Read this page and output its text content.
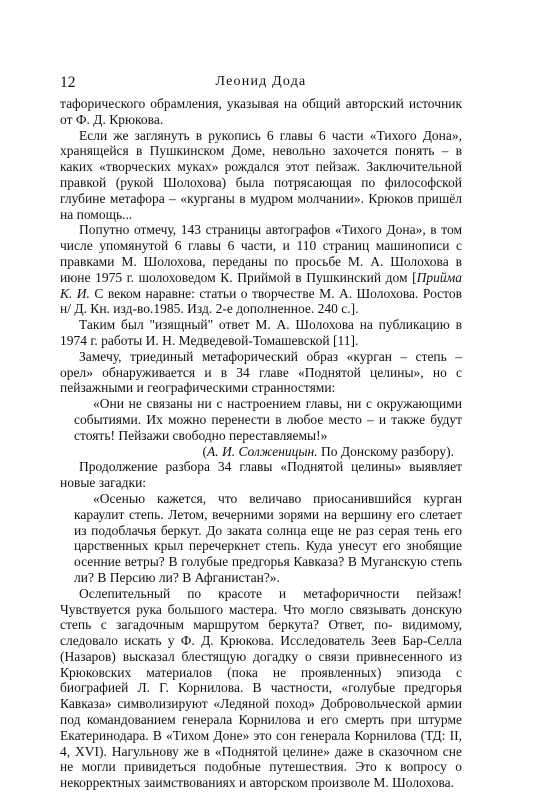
12	Леонид Дода

тафорического обрамления, указывая на общий авторский источник от Ф. Д. Крюкова.

Если же заглянуть в рукопись 6 главы 6 части «Тихого Дона», хранящейся в Пушкинском Доме, невольно захочется понять – в каких «творческих муках» рождался этот пейзаж. Заключительной правкой (рукой Шолохова) была потрясающая по философской глубине метафора – «курганы в мудром молчании». Крюков пришёл на помощь...

Попутно отмечу, 143 страницы автографов «Тихого Дона», в том числе упомянутой 6 главы 6 части, и 110 страниц машинописи с правками М. Шолохова, переданы по просьбе М. А. Шолохова в июне 1975 г. шолоховедом К. Приймой в Пушкинский дом [Прийма К. И. С веком наравне: статьи о творчестве М. А. Шолохова. Ростов н/ Д. Кн. изд-во.1985. Изд. 2-е дополненное. 240 с.].

Таким был "изящный" ответ М. А. Шолохова на публикацию в 1974 г. работы И. Н. Медведевой-Томашевской [11].

Замечу, триединый метафорический образ «курган – степь – орел» обнаруживается и в 34 главе «Поднятой целины», но с пейзажными и географическими странностями:

«Они не связаны ни с настроением главы, ни с окружающими событиями. Их можно перенести в любое место – и также будут стоять! Пейзажи свободно переставляемы!»

(А. И. Солженицын. По Донскому разбору).

Продолжение разбора 34 главы «Поднятой целины» выявляет новые загадки:

«Осенью кажется, что величаво приосанившийся курган караулит степь. Летом, вечерними зорями на вершину его слетает из подоблачья беркут. До заката солнца еще не раз серая тень его царственных крыл перечеркнет степь. Куда унесут его знобящие осенние ветры? В голубые предгорья Кавказа? В Муганскую степь ли? В Персию ли? В Афганистан?».

Ослепительный по красоте и метафоричности пейзаж! Чувствуется рука большого мастера. Что могло связывать донскую степь с загадочным маршрутом беркута? Ответ, по- видимому, следовало искать у Ф. Д. Крюкова. Исследователь Зеев Бар-Селла (Назаров) высказал блестящую догадку о связи привнесенного из Крюковских материалов (пока не проявленных) эпизода с биографией Л. Г. Корнилова. В частности, «голубые предгорья Кавказа» символизируют «Ледяной поход» Добровольческой армии под командованием генерала Корнилова и его смерть при штурме Екатеринодара. В «Тихом Доне» это сон генерала Корнилова (ТД: II, 4, XVI). Нагульнову же в «Поднятой целине» даже в сказочном сне не могли привидеться подобные путешествия. Это к вопросу о некорректных заимствованиях и авторском произволе М. Шолохова.
